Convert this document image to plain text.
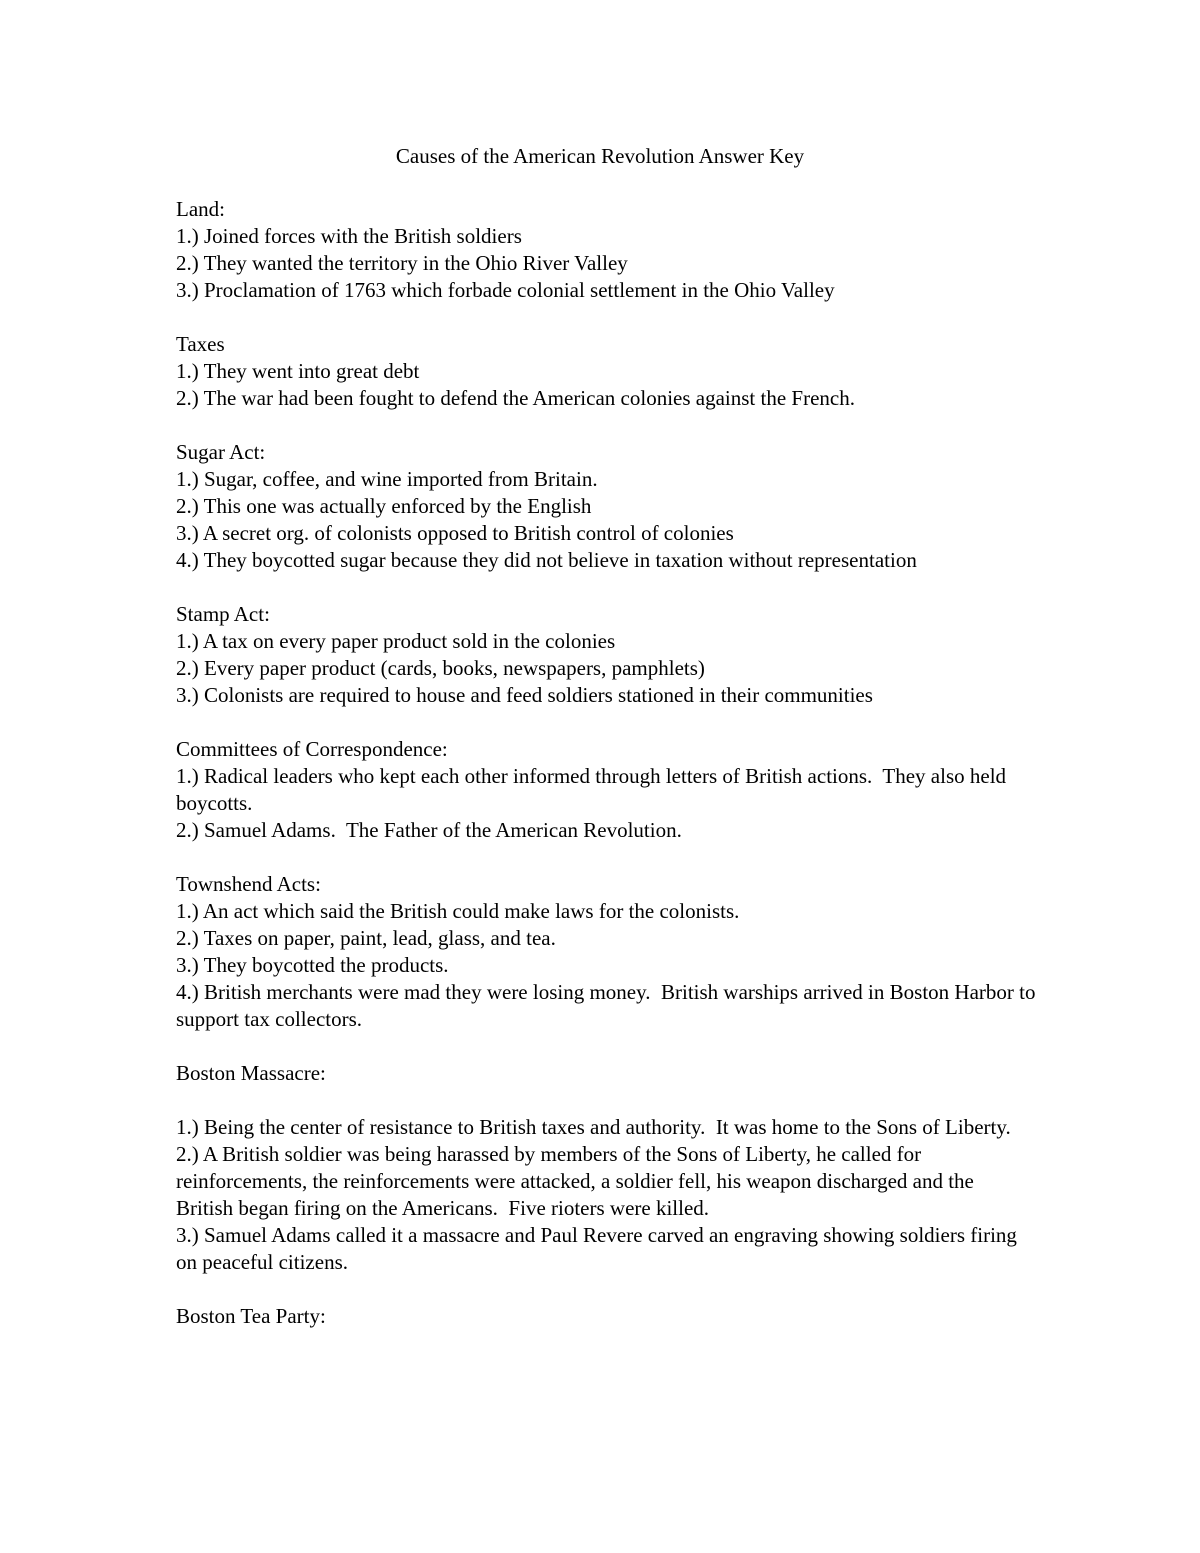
Causes of the American Revolution Answer Key
Land:
1.) Joined forces with the British soldiers
2.) They wanted the territory in the Ohio River Valley
3.) Proclamation of 1763 which forbade colonial settlement in the Ohio Valley
Taxes
1.) They went into great debt
2.) The war had been fought to defend the American colonies against the French.
Sugar Act:
1.) Sugar, coffee, and wine imported from Britain.
2.) This one was actually enforced by the English
3.) A secret org. of colonists opposed to British control of colonies
4.) They boycotted sugar because they did not believe in taxation without representation
Stamp Act:
1.) A tax on every paper product sold in the colonies
2.) Every paper product (cards, books, newspapers, pamphlets)
3.) Colonists are required to house and feed soldiers stationed in their communities
Committees of Correspondence:
1.) Radical leaders who kept each other informed through letters of British actions.  They also held boycotts.
2.) Samuel Adams.  The Father of the American Revolution.
Townshend Acts:
1.) An act which said the British could make laws for the colonists.
2.) Taxes on paper, paint, lead, glass, and tea.
3.) They boycotted the products.
4.) British merchants were mad they were losing money.  British warships arrived in Boston Harbor to support tax collectors.
Boston Massacre:
1.) Being the center of resistance to British taxes and authority.  It was home to the Sons of Liberty.
2.) A British soldier was being harassed by members of the Sons of Liberty, he called for reinforcements, the reinforcements were attacked, a soldier fell, his weapon discharged and the British began firing on the Americans.  Five rioters were killed.
3.) Samuel Adams called it a massacre and Paul Revere carved an engraving showing soldiers firing on peaceful citizens.
Boston Tea Party:
